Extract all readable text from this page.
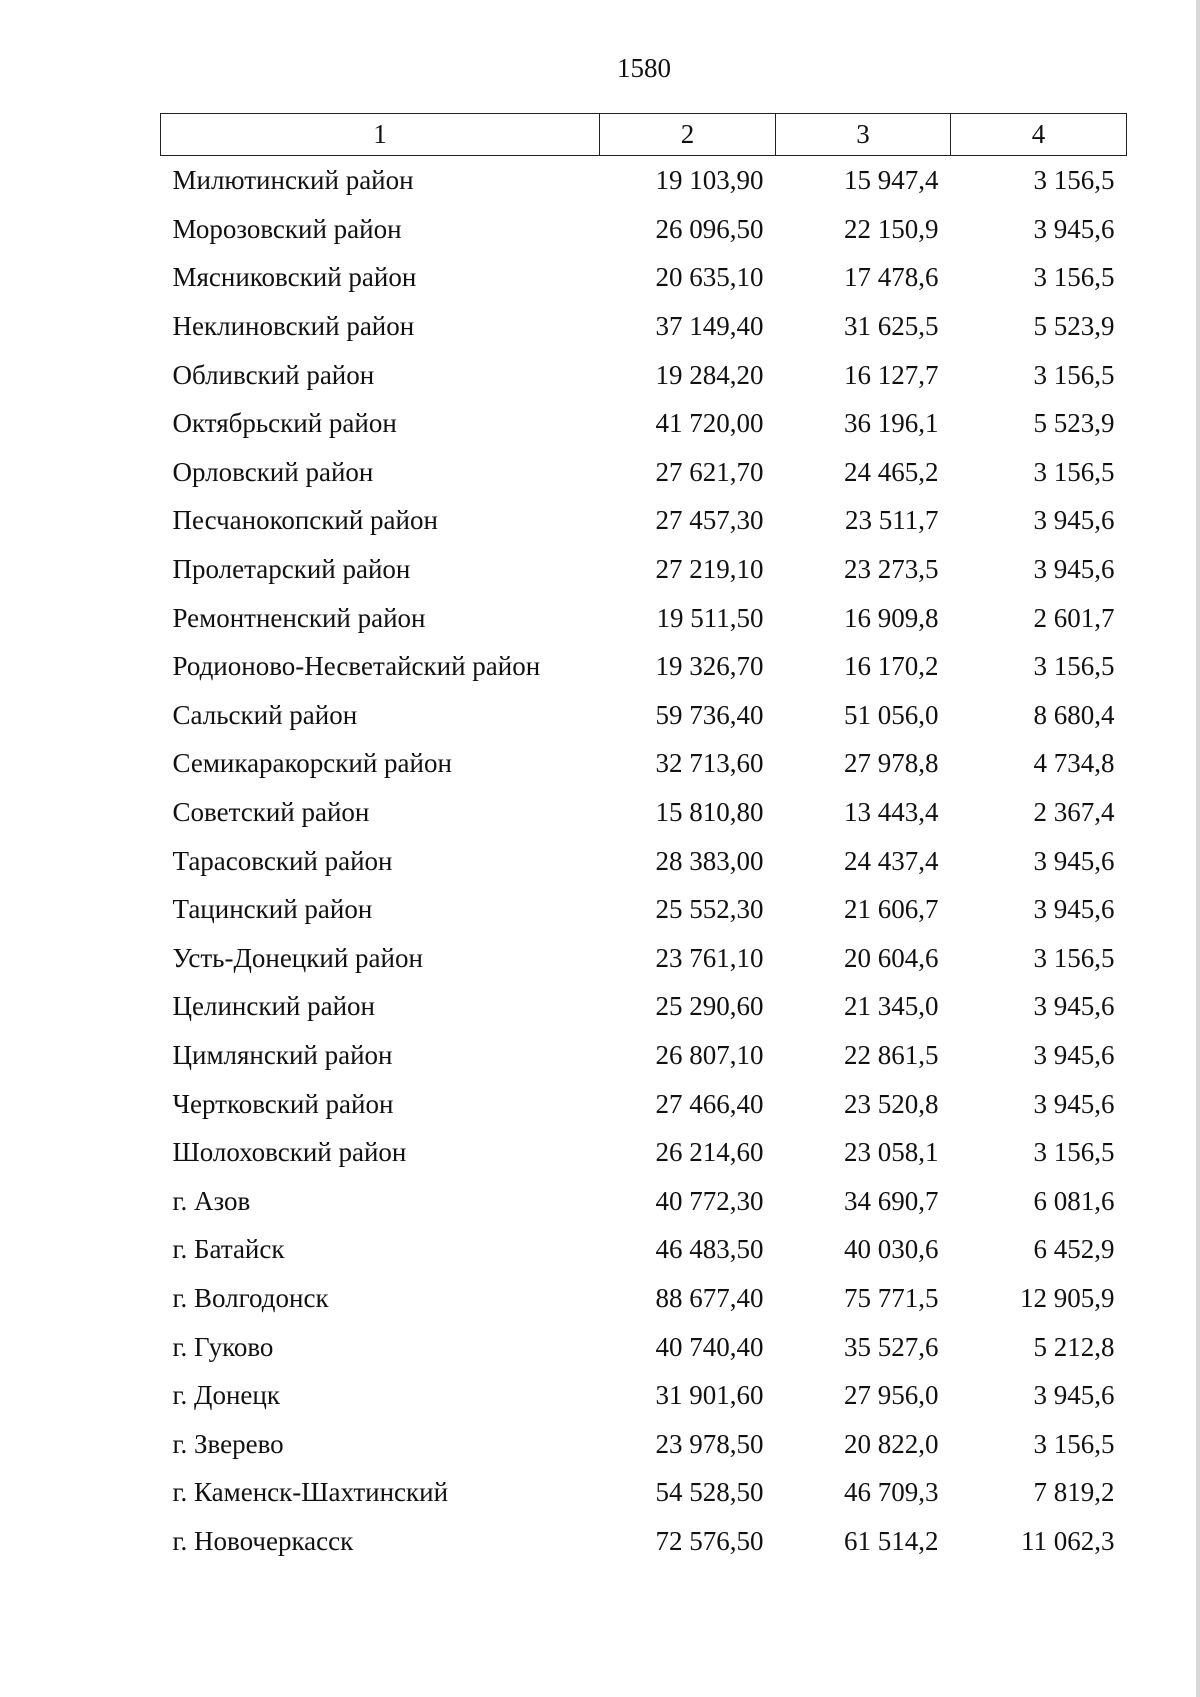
1580
1	2	3	4
Милютинский район	19 103,90	15 947,4	3 156,5
Морозовский район	26 096,50	22 150,9	3 945,6
Мясниковский район	20 635,10	17 478,6	3 156,5
Неклиновский район	37 149,40	31 625,5	5 523,9
Обливский район	19 284,20	16 127,7	3 156,5
Октябрьский район	41 720,00	36 196,1	5 523,9
Орловский район	27 621,70	24 465,2	3 156,5
Песчанокопский район	27 457,30	23 511,7	3 945,6
Пролетарский район	27 219,10	23 273,5	3 945,6
Ремонтненский район	19 511,50	16 909,8	2 601,7
Родионово-Несветайский район	19 326,70	16 170,2	3 156,5
Сальский район	59 736,40	51 056,0	8 680,4
Семикаракорский район	32 713,60	27 978,8	4 734,8
Советский район	15 810,80	13 443,4	2 367,4
Тарасовский район	28 383,00	24 437,4	3 945,6
Тацинский район	25 552,30	21 606,7	3 945,6
Усть-Донецкий район	23 761,10	20 604,6	3 156,5
Целинский район	25 290,60	21 345,0	3 945,6
Цимлянский район	26 807,10	22 861,5	3 945,6
Чертковский район	27 466,40	23 520,8	3 945,6
Шолоховский район	26 214,60	23 058,1	3 156,5
г. Азов	40 772,30	34 690,7	6 081,6
г. Батайск	46 483,50	40 030,6	6 452,9
г. Волгодонск	88 677,40	75 771,5	12 905,9
г. Гуково	40 740,40	35 527,6	5 212,8
г. Донецк	31 901,60	27 956,0	3 945,6
г. Зверево	23 978,50	20 822,0	3 156,5
г. Каменск-Шахтинский	54 528,50	46 709,3	7 819,2
г. Новочеркасск	72 576,50	61 514,2	11 062,3
